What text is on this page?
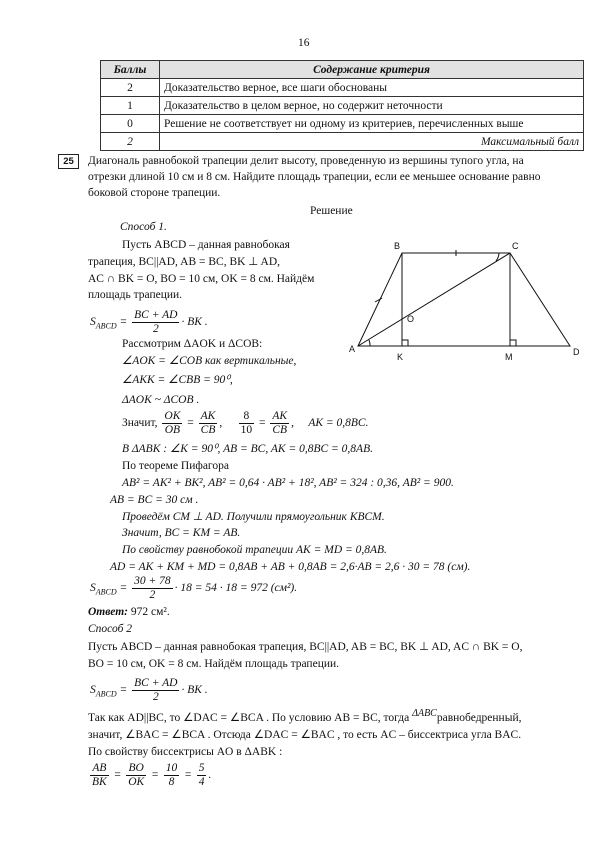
16
Баллы	Содержание критерия
2	Доказательство верное, все шаги обоснованы
1	Доказательство в целом верное, но содержит неточности
0	Решение не соответствует ни одному из критериев, перечисленных выше
2	Максимальный балл
25	Диагональ равнобокой трапеции делит высоту, проведенную из вершины тупого угла, на
отрезки длиной 10 см и 8 см. Найдите площадь трапеции, если ее меньшее основание равно
боковой стороне трапеции.
Решение
Способ 1.
Пусть ABCD – данная равнобокая
трапеция, BC||AD, AB = BC, BK ⊥ AD,
AC ∩ BK = O, BO = 10 см, OK = 8 см. Найдём
площадь трапеции.
$S_{ABCD} = \frac{BC + AD}{2}$ · BK .
Рассмотрим ΔAOK и ΔCOB:
∠AOK = ∠COB как вертикальные,
∠AKK = ∠CBB = 90⁰,
ΔAOK ~ ΔCOB .
Значит, $\frac{OK}{OB} = \frac{AK}{CB}$ , $\frac{8}{10} = \frac{AK}{CB}$ ,     AK = 0,8BC.
В ΔABK : ∠K = 90⁰, AB = BC, AK = 0,8BC = 0,8AB.
По теореме Пифагора
AB² = AK² + BK², AB² = 0,64 · AB² + 18², AB² = 324 : 0,36, AB² = 900.
AB = BC = 30 см .
Проведём CM ⊥ AD. Получили прямоугольник KBCM.
Значит, BC = KM = AB.
По свойству равнобокой трапеции AK = MD = 0,8AB.
AD = AK + KM + MD = 0,8AB + AB + 0,8AB = 2,6·AB = 2,6 · 30 = 78 (см).
$S_{ABCD} = \frac{30 + 78}{2} \cdot 18 = 54 \cdot 18 = 972$ (см²).
Ответ: 972 см².
Способ 2
Пусть ABCD – данная равнобокая трапеция, BC||AD, AB = BC, BK ⊥ AD, AC ∩ BK = O,
BO = 10 см, OK = 8 см. Найдём площадь трапеции.
$S_{ABCD} = \frac{BC + AD}{2}$ · BK .
Так как AD||BC, то ∠DAC = ∠BCA . По условию AB = BC, тогда ΔABCравнобедренный,
значит, ∠BAC = ∠BCA . Отсюда ∠DAC = ∠BAC , то есть AC – биссектриса угла BAC.
По свойству биссектрисы AO в ΔABK :
$\frac{AB}{BK} = \frac{BO}{OK} = \frac{10}{8} = \frac{5}{4}$ .
B	C
A	D
K	M
O
